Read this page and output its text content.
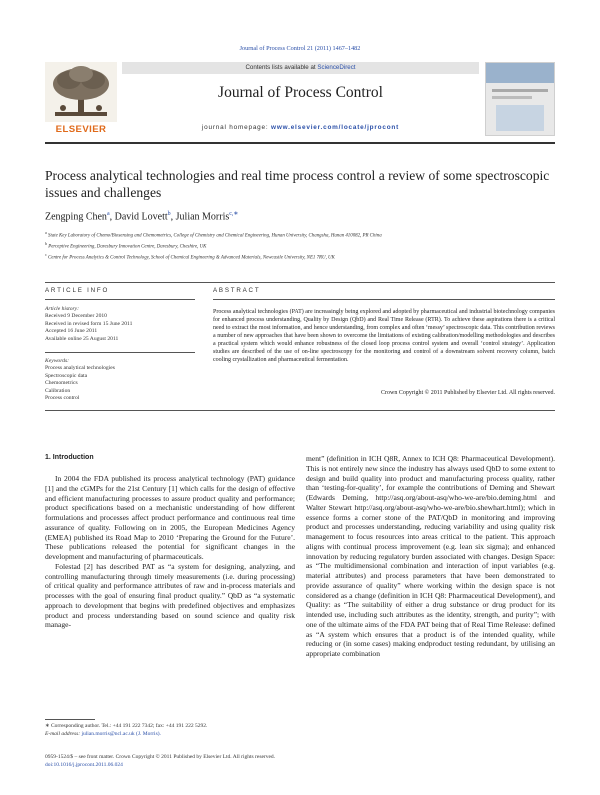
Journal of Process Control 21 (2011) 1467–1482
ELSEVIER
Contents lists available at ScienceDirect
Journal of Process Control
journal homepage: www.elsevier.com/locate/jprocont
Process analytical technologies and real time process control a review of some spectroscopic issues and challenges
Zengping Chen$^a$, David Lovett$^b$, Julian Morris$^{c,∗}$
$^a$ State Key Laboratory of Chemo/Biosensing and Chemometrics, College of Chemistry and Chemical Engineering, Hunan University, Changsha, Hunan 410082, PR China
$^b$ Perceptive Engineering, Daresbury Innovation Centre, Daresbury, Cheshire, UK
$^c$ Centre for Process Analytics & Control Technology, School of Chemical Engineering & Advanced Materials, Newcastle University, NE1 7RU, UK
ARTICLE INFO	ABSTRACT
Article history:
Received 9 December 2010
Received in revised form 15 June 2011
Accepted 16 June 2011
Available online 25 August 2011
Keywords:
Process analytical technologies
Spectroscopic data
Chemometrics
Calibration
Process control
Process analytical technologies (PAT) are increasingly being explored and adopted by pharmaceutical and industrial biotechnology companies for enhanced process understanding, Quality by Design (QbD) and Real Time Release (RTR). To achieve these aspirations there is a critical need to extract the most information, and hence understanding, from complex and often ‘messy’ spectroscopic data. This contribution reviews a number of new approaches that have been shown to overcome the limitations of existing calibration/modelling methodologies and describes a practical system which would enhance robustness of the closed loop process control system and overall ‘control strategy’. Application studies are described of the use of on-line spectroscopy for the monitoring and control of a downstream solvent recovery column, batch cooling crystallization and pharmaceutical fermentation.
Crown Copyright © 2011 Published by Elsevier Ltd. All rights reserved.
1. Introduction

In 2004 the FDA published its process analytical technology (PAT) guidance [1] and the cGMPs for the 21st Century [1] which calls for the design of effective and efficient manufacturing processes to assure product quality and performance; product specifications based on a mechanistic understanding of how different formulations and processes affect product performance and continuous real time assurance of quality. Following on in 2005, the European Medicines Agency (EMEA) published its Road Map to 2010 ‘Preparing the Ground for the Future’. These publications released the potential for significant changes in the development and manufacturing of pharmaceuticals.

Folestad [2] has described PAT as “a system for designing, analyzing, and controlling manufacturing through timely measurements (i.e. during processing) of critical quality and performance attributes of raw and in-process materials and processes with the goal of ensuring final product quality.” QbD as “a systematic approach to development that begins with predefined objectives and emphasizes product and process understanding based on sound science and quality risk manage-

ment” (definition in ICH Q8R, Annex to ICH Q8: Pharmaceutical Development). This is not entirely new since the industry has always used QbD to some extent to design and build quality into product and manufacturing process quality, rather than ‘testing-for-quality’, for example the contributions of Deming and Shewart (Edwards Deming, http://asq.org/about-asq/who-we-are/bio.deming.html and Walter Stewart http://asq.org/about-asq/who-we-are/bio.shewhart.html); which in essence forms a corner stone of the PAT/QbD in monitoring and improving product and processes understanding, reducing variability and using quality risk management to focus resources into areas critical to the patient. This approach aligns with continual process improvement (e.g. lean six sigma); and enhanced innovation by reducing regulatory burden associated with changes. Design Space: as “The multidimensional combination and interaction of input variables (e.g. material attributes) and process parameters that have been demonstrated to provide assurance of quality” where working within the design space is not considered as a change (definition in ICH Q8: Pharmaceutical Development), and Quality: as “The suitability of either a drug substance or drug product for its intended use, including such attributes as the identity, strength, and purity”; with one of the ultimate aims of the FDA PAT being that of Real Time Release: defined as “A system which ensures that a product is of the intended quality, while reducing or (in some cases) making endproduct testing redundant, by utilising an appropriate combination
∗ Corresponding author. Tel.: +44 191 222 7342; fax: +44 191 222 5292.
E-mail address: julian.morris@ncl.ac.uk (J. Morris).
0959-1524/$ – see front matter. Crown Copyright © 2011 Published by Elsevier Ltd. All rights reserved.
doi:10.1016/j.jprocont.2011.06.024
